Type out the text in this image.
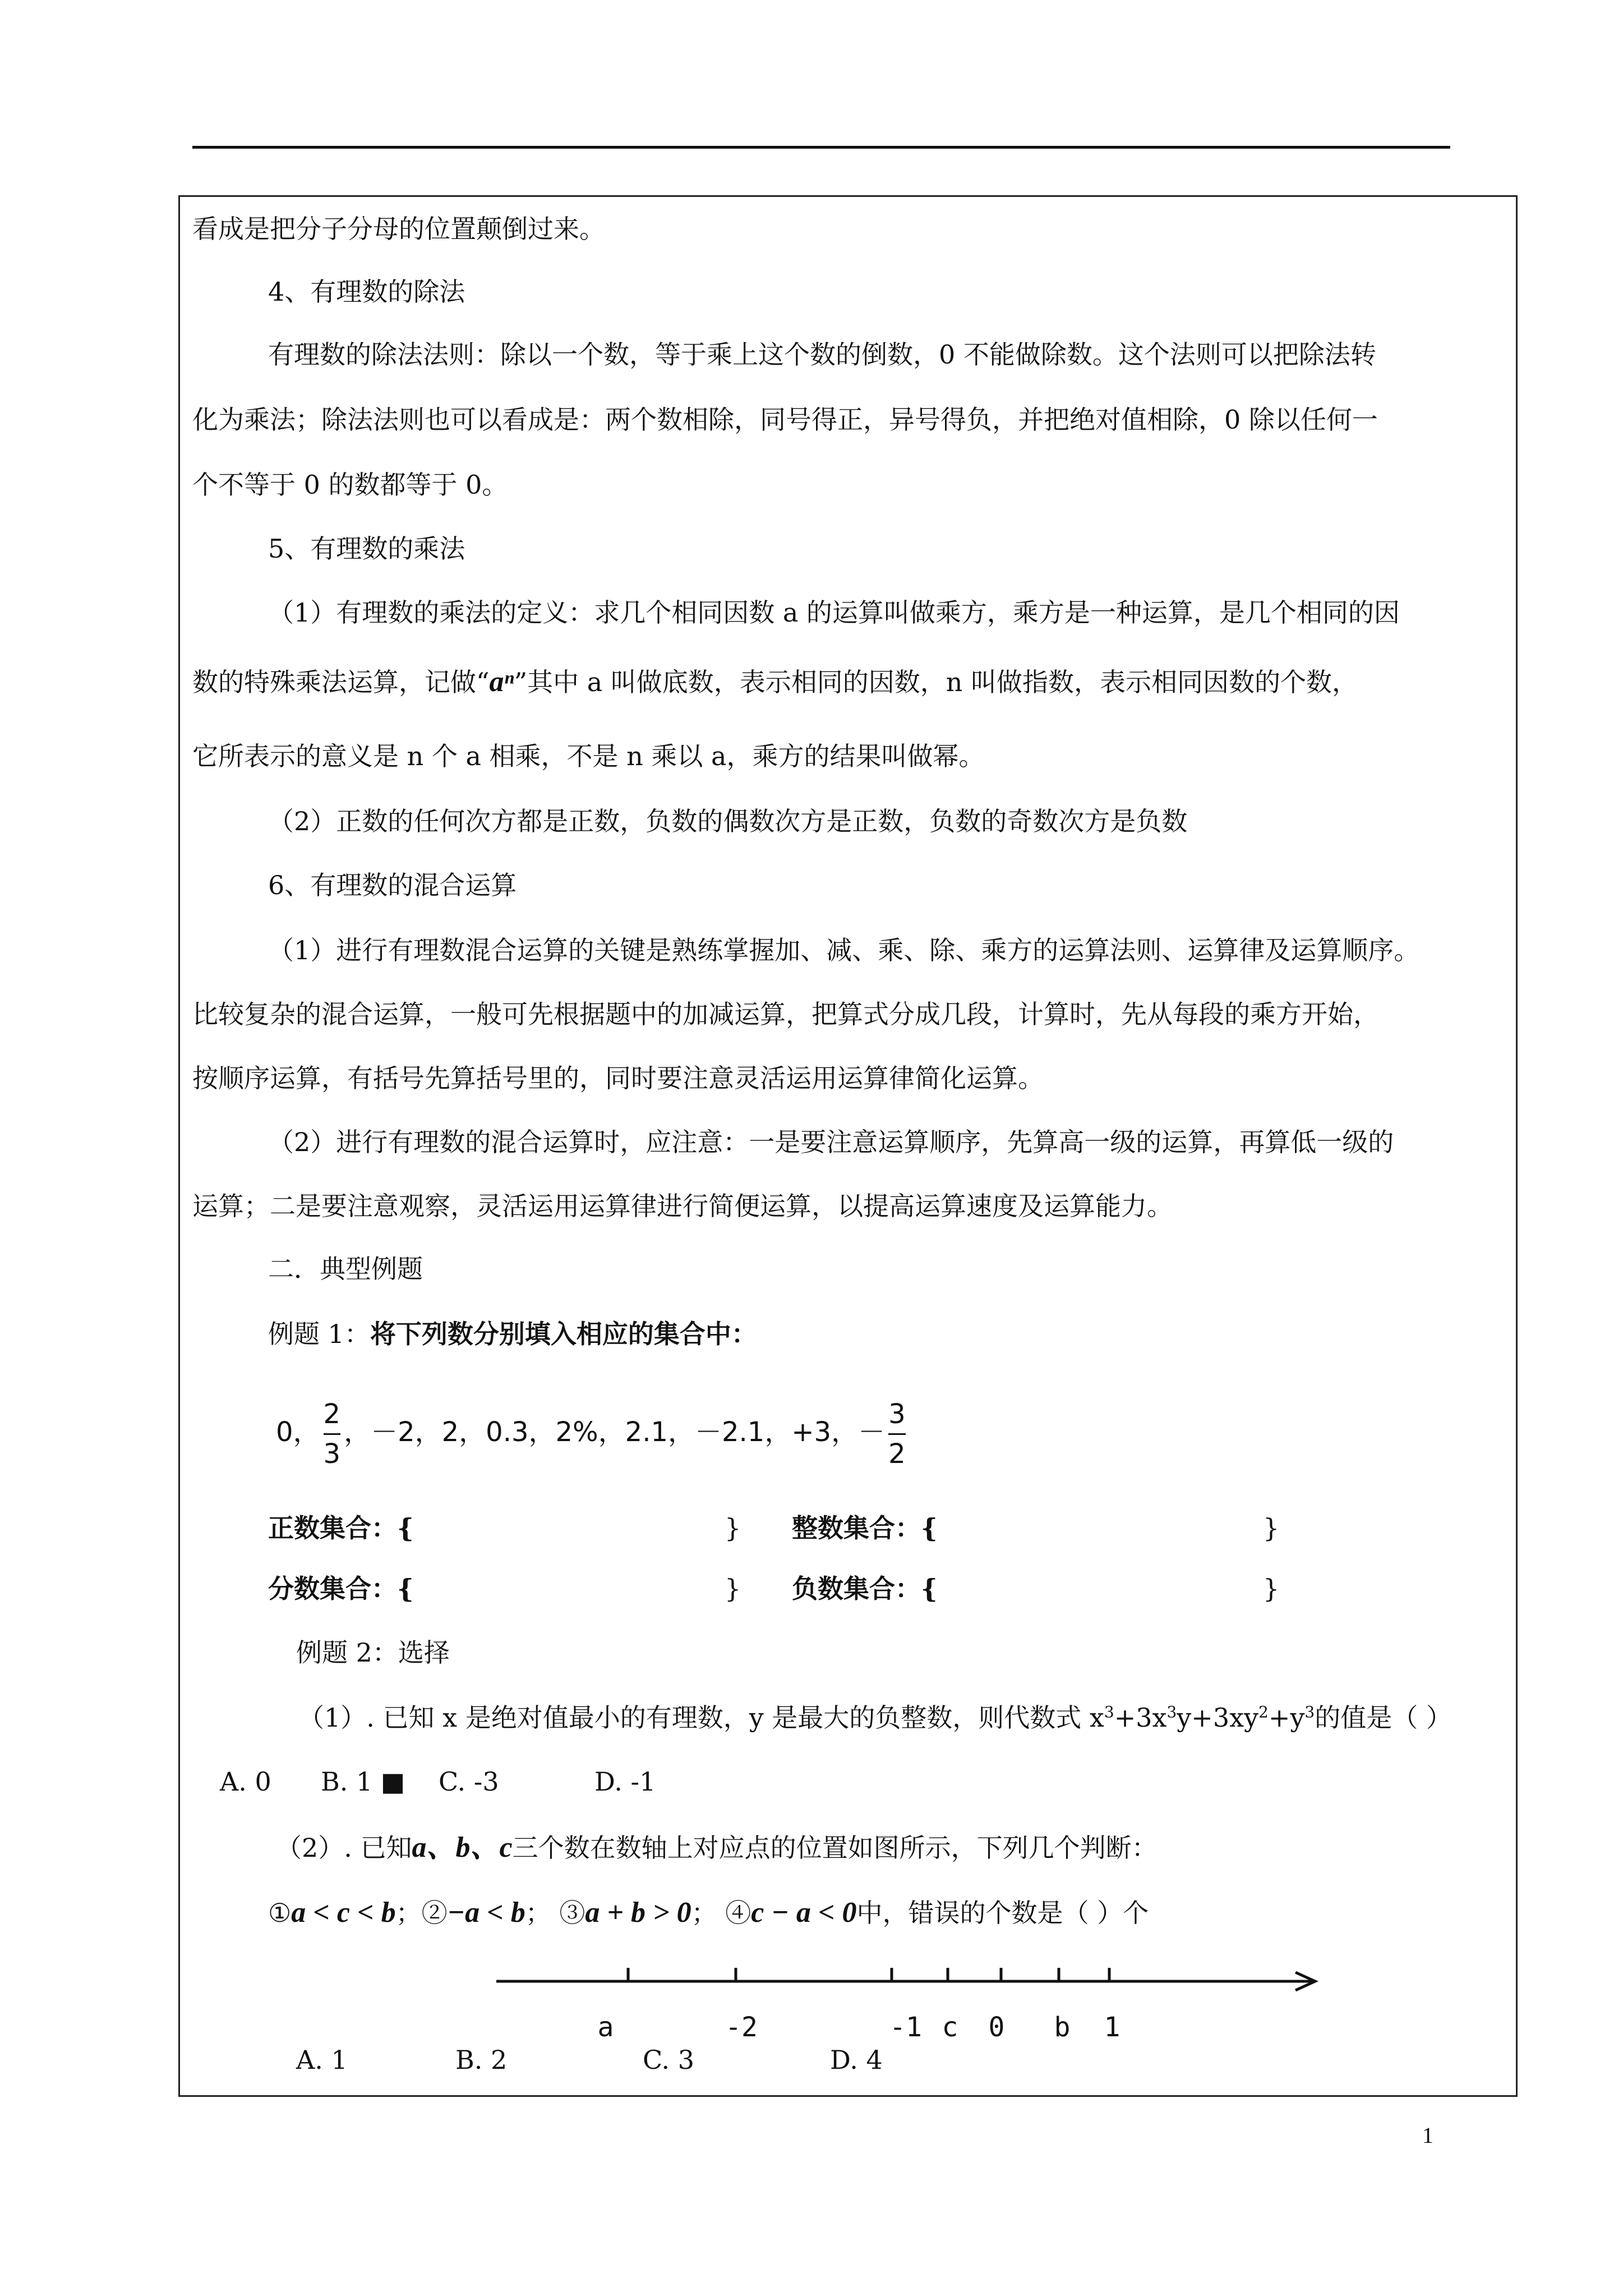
看成是把分子分母的位置颠倒过来。
4、有理数的除法
有理数的除法法则：除以一个数，等于乘上这个数的倒数，0 不能做除数。这个法则可以把除法转
化为乘法；除法法则也可以看成是：两个数相除，同号得正，异号得负，并把绝对值相除，0 除以任何一
个不等于 0 的数都等于 0。
5、有理数的乘法
（1）有理数的乘法的定义：求几个相同因数 a 的运算叫做乘方，乘方是一种运算，是几个相同的因
数的特殊乘法运算，记做“aⁿ”其中 a 叫做底数，表示相同的因数，n 叫做指数，表示相同因数的个数，
它所表示的意义是 n 个 a 相乘，不是 n 乘以 a，乘方的结果叫做幂。
（2）正数的任何次方都是正数，负数的偶数次方是正数，负数的奇数次方是负数
6、有理数的混合运算
（1）进行有理数混合运算的关键是熟练掌握加、减、乘、除、乘方的运算法则、运算律及运算顺序。
比较复杂的混合运算，一般可先根据题中的加减运算，把算式分成几段，计算时，先从每段的乘方开始，
按顺序运算，有括号先算括号里的，同时要注意灵活运用运算律简化运算。
（2）进行有理数的混合运算时，应注意：一是要注意运算顺序，先算高一级的运算，再算低一级的
运算；二是要注意观察，灵活运用运算律进行简便运算，以提高运算速度及运算能力。
二．典型例题
例题 1：将下列数分别填入相应的集合中：
0， $\frac{2}{3}$ ，－2，2，0.3，2%，2.1，－2.1，+3，－ $\frac{3}{2}$
正数集合：{	} 整数集合：{	}
分数集合：{	} 负数集合：{	}
例题 2：选择
（1）. 已知 x 是绝对值最小的有理数，y 是最大的负整数，则代数式 $x^3+3x^3y+3xy^2+y^3$的值是（ ）
A. 0 B. 1 ■ C. -3	D. -1
（2）. 已知a、b、c三个数在数轴上对应点的位置如图所示，下列几个判断：
①a < c < b；②−a < b； ③a + b > 0； ④c − a < 0中，错误的个数是（ ）个
a	-2	-1 c 0 b 1
A. 1	B. 2	C. 3	D. 4
1
